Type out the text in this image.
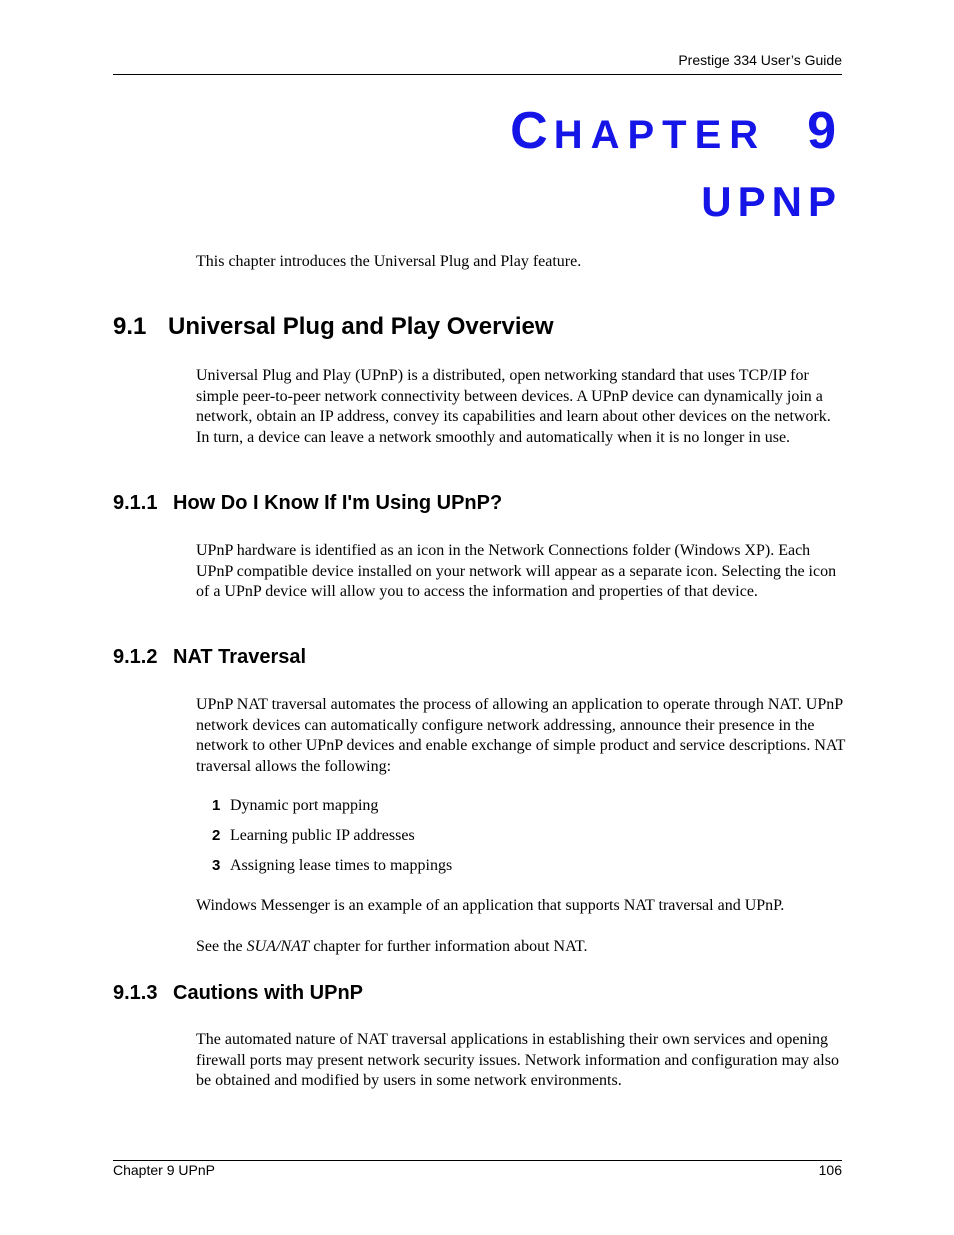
Prestige 334 User’s Guide
CHAPTER 9
UPNP
This chapter introduces the Universal Plug and Play feature.
9.1 Universal Plug and Play Overview
Universal Plug and Play (UPnP) is a distributed, open networking standard that uses TCP/IP for simple peer-to-peer network connectivity between devices. A UPnP device can dynamically join a network, obtain an IP address, convey its capabilities and learn about other devices on the network. In turn, a device can leave a network smoothly and automatically when it is no longer in use.
9.1.1 How Do I Know If I'm Using UPnP?
UPnP hardware is identified as an icon in the Network Connections folder (Windows XP). Each UPnP compatible device installed on your network will appear as a separate icon. Selecting the icon of a UPnP device will allow you to access the information and properties of that device.
9.1.2 NAT Traversal
UPnP NAT traversal automates the process of allowing an application to operate through NAT. UPnP network devices can automatically configure network addressing, announce their presence in the network to other UPnP devices and enable exchange of simple product and service descriptions. NAT traversal allows the following:
1 Dynamic port mapping
2 Learning public IP addresses
3 Assigning lease times to mappings
Windows Messenger is an example of an application that supports NAT traversal and UPnP.
See the SUA/NAT chapter for further information about NAT.
9.1.3 Cautions with UPnP
The automated nature of NAT traversal applications in establishing their own services and opening firewall ports may present network security issues. Network information and configuration may also be obtained and modified by users in some network environments.
Chapter 9 UPnP	106
